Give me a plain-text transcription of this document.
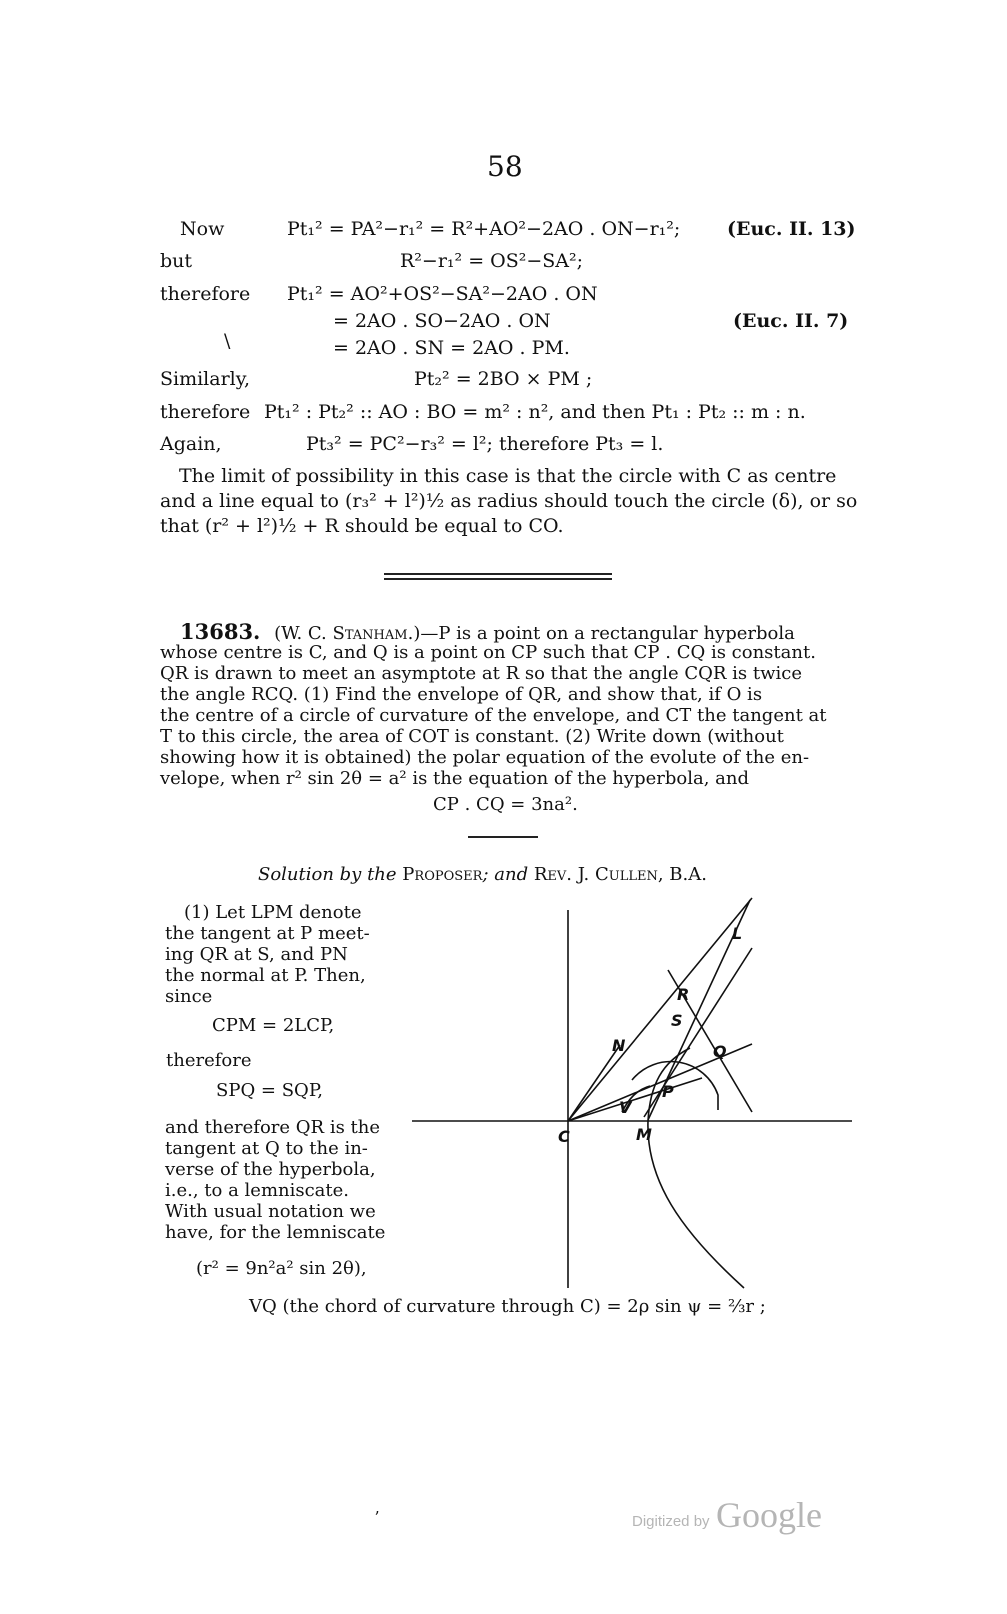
58
Now	Pt₁² = PA²−r₁² = R²+AO²−2AO . ON−r₁²; (Euc. II. 13)
but	R²−r₁² = OS²−SA²;
therefore Pt₁² = AO²+OS²−SA²−2AO . ON
= 2AO . SO−2AO . ON	(Euc. II. 7)
\	= 2AO . SN = 2AO . PM.
Similarly,	Pt₂² = 2BO × PM ;
therefore Pt₁² : Pt₂² :: AO : BO = m² : n², and then Pt₁ : Pt₂ :: m : n.
Again,	Pt₃² = PC²−r₃² = l²; therefore Pt₃ = l.
The limit of possibility in this case is that the circle with C as centre
and a line equal to (r₃² + l²)½ as radius should touch the circle (δ), or so
that (r² + l²)½ + R should be equal to CO.
13683. (W. C. Stanham.)—P is a point on a rectangular hyperbola
whose centre is C, and Q is a point on CP such that CP . CQ is constant.
QR is drawn to meet an asymptote at R so that the angle CQR is twice
the angle RCQ. (1) Find the envelope of QR, and show that, if O is
the centre of a circle of curvature of the envelope, and CT the tangent at
T to this circle, the area of COT is constant. (2) Write down (without
showing how it is obtained) the polar equation of the evolute of the en-
velope, when r² sin 2θ = a² is the equation of the hyperbola, and
CP . CQ = 3na².
Solution by the Proposer; and Rev. J. Cullen, B.A.
(1) Let LPM denote
the tangent at P meet-
ing QR at S, and PN
the normal at P. Then,
since
CPM = 2LCP,
therefore
SPQ = SQP,
and therefore QR is the
tangent at Q to the in-
verse of the hyperbola,
i.e., to a lemniscate.
With usual notation we
have, for the lemniscate
(r² = 9n²a² sin 2θ),
L
R
S
N	Q
P
V
C	M
VQ (the chord of curvature through C) = 2ρ sin ψ = ⅔r ;
ʼ	Digitized by Google
